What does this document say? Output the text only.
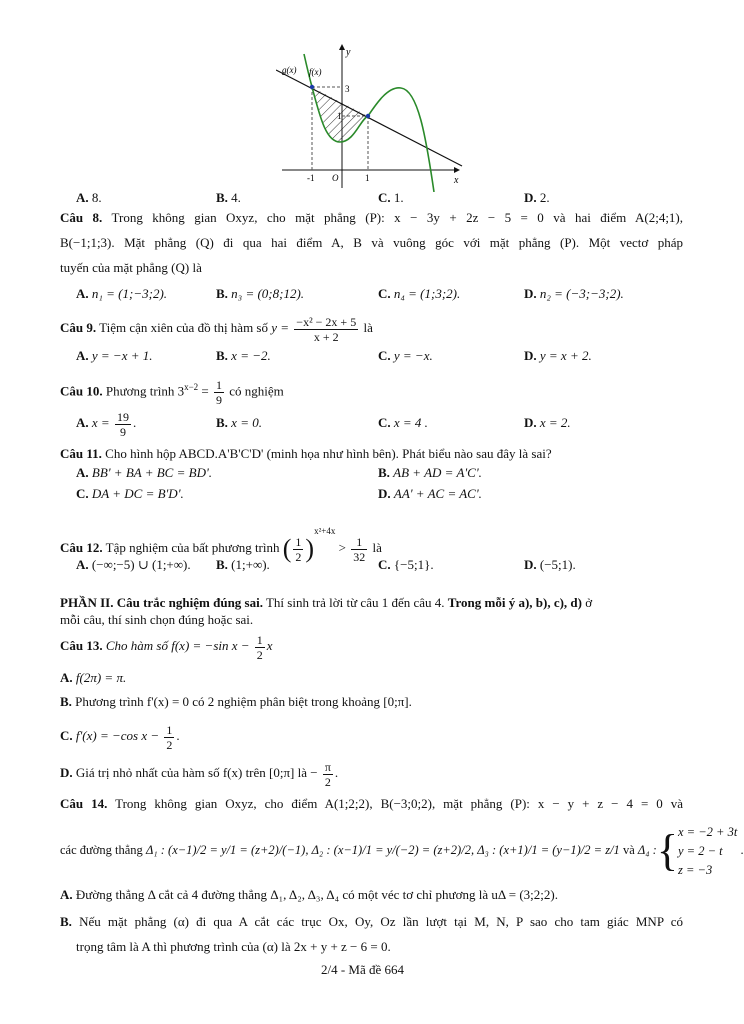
g(x) f(x)
y
x
3
1
-1 O	1
A. 8.	B. 4.	C. 1.	D. 2.
Câu 8. Trong không gian Oxyz, cho mặt phẳng (P): x − 3y + 2z − 5 = 0 và hai điểm A(2;4;1),
B(−1;1;3). Mặt phẳng (Q) đi qua hai điểm A, B và vuông góc với mặt phẳng (P). Một vectơ pháp
tuyến của mặt phẳng (Q) là
A. n₁ = (1;−3;2).	B. n₃ = (0;8;12).	C. n₄ = (1;3;2).	D. n₂ = (−3;−3;2).
Câu 9. Tiệm cận xiên của đồ thị hàm số $y = \frac{\text{−x² − 2x + 5}}{x + 2}$ là
A. y = −x + 1.	B. x = −2.	C. y = −x.	D. y = x + 2.
Câu 10. Phương trình $3^{x-2} = \frac{1}{9}$ có nghiệm
A. $x = \frac{19}{9}$ .	B. x = 0.	C. x = 4 .	D. x = 2.
Câu 11. Cho hình hộp ABCD.A'B'C'D' (minh họa như hình bên). Phát biểu nào sau đây là sai?
A. BB' + BA + BC = BD'.	B. AB + AD = A'C'.
C. DA + DC = B'D'.	D. AA' + AC = AC'.
Câu 12. Tập nghiệm của bất phương trình ( $\frac{1}{2} )^{x^2+4x} > \frac{1}{32}$ là
A. (−∞;−5) ∪ (1;+∞). B. (1;+∞).	C. {−5;1}.	D. (−5;1).
PHẦN II. Câu trắc nghiệm đúng sai. Thí sinh trả lời từ câu 1 đến câu 4. Trong mỗi ý a), b), c), d) ở
mỗi câu, thí sinh chọn đúng hoặc sai.
Câu 13. Cho hàm số f(x) = −sin $x - \frac{1}{2}$ x
A. f(2π) = π.
B. Phương trình f'(x) = 0 có 2 nghiệm phân biệt trong khoảng [0;π].
C. f'(x) = −cos $x - \frac{1}{2}$ .
D. Giá trị nhỏ nhất của hàm số f(x) trên [0;π] là − $\frac{\pi}{2}$ .
Câu 14. Trong không gian Oxyz, cho điểm A(1;2;2), B(−3;0;2), mặt phẳng (P): x − y + z − 4 = 0 và
các đường thẳng Δ₁ : (x−1)/2 = y/1 = (z+2)/(−1), Δ₂ : (x−1)/1 = y/(−2) = (z+2)/2, Δ₃ : (x+1)/1 = (y−1)/2 = z/1 và Δ₄ :{ x = −2 + 3t
y = 2 − t
z = −3
.
A. Đường thẳng Δ cắt cả 4 đường thẳng Δ₁, Δ₂, Δ₃, Δ₄ có một véc tơ chỉ phương là uΔ = (3;2;2).
B. Nếu mặt phẳng (α) đi qua A cắt các trục Ox, Oy, Oz lần lượt tại M, N, P sao cho tam giác MNP có
trọng tâm là A thì phương trình của (α) là 2x + y + z − 6 = 0.
2/4 - Mã đề 664
